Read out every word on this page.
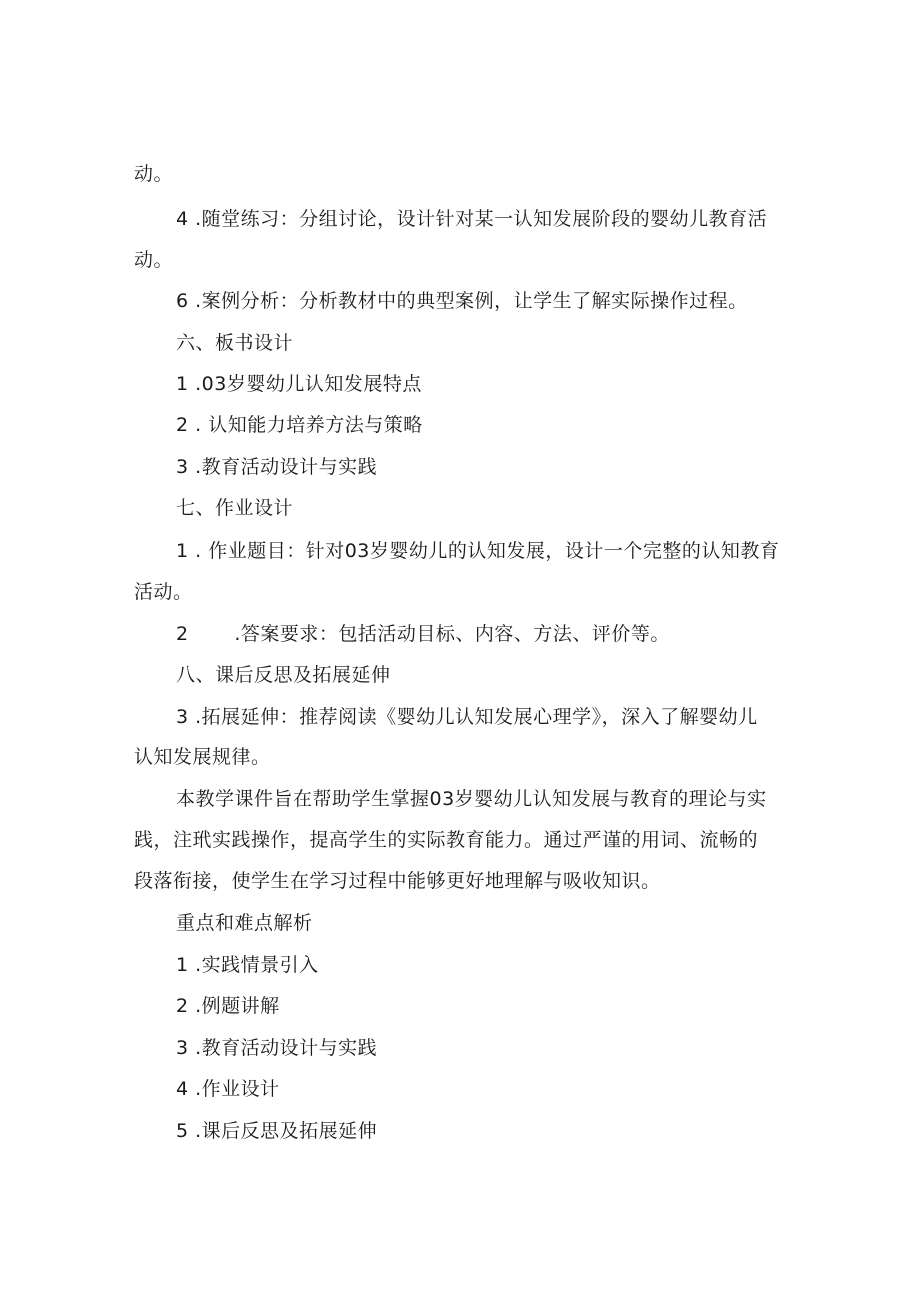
动。
4 .随堂练习：分组讨论，设计针对某一认知发展阶段的婴幼儿教育活
动。
6 .案例分析：分析教材中的典型案例，让学生了解实际操作过程。
六、板书设计
1 .03岁婴幼儿认知发展特点
2 . 认知能力培养方法与策略
3 .教育活动设计与实践
七、作业设计
1 . 作业题目：针对03岁婴幼儿的认知发展，设计一个完整的认知教育
活动。
2       .答案要求：包括活动目标、内容、方法、评价等。
八、课后反思及拓展延伸
3 .拓展延伸：推荐阅读《婴幼儿认知发展心理学》，深入了解婴幼儿
认知发展规律。
本教学课件旨在帮助学生掌握03岁婴幼儿认知发展与教育的理论与实
践，注玳实践操作，提高学生的实际教育能力。通过严谨的用词、流畅的
段落衔接，使学生在学习过程中能够更好地理解与吸收知识。
重点和难点解析
1 .实践情景引入
2 .例题讲解
3 .教育活动设计与实践
4 .作业设计
5 .课后反思及拓展延伸
